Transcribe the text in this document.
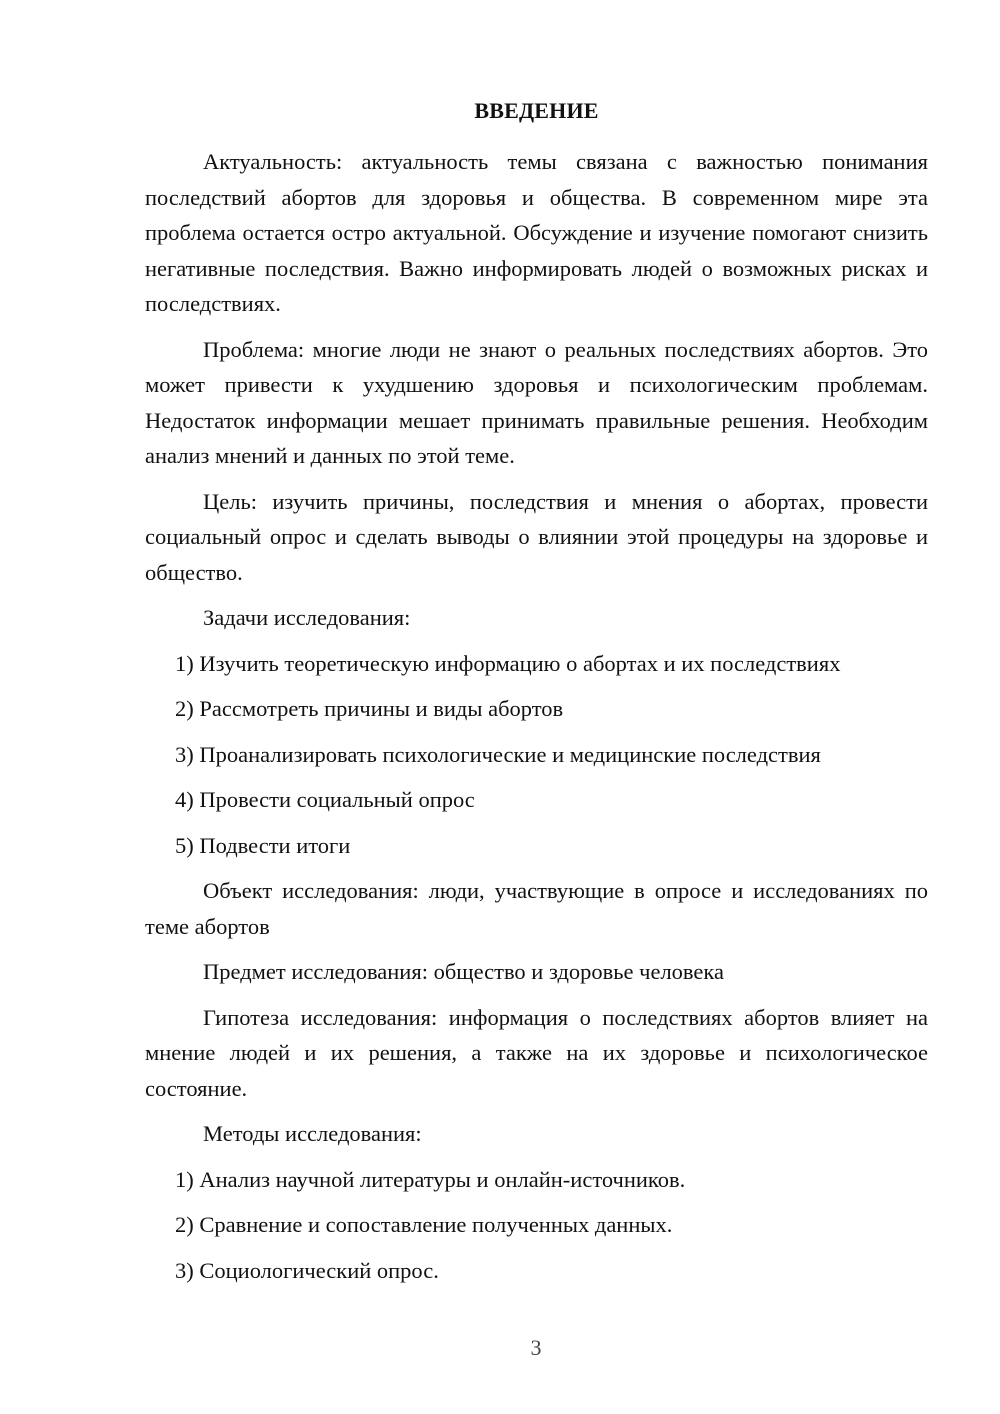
ВВЕДЕНИЕ
Актуальность: актуальность темы связана с важностью понимания последствий абортов для здоровья и общества. В современном мире эта проблема остается остро актуальной. Обсуждение и изучение помогают снизить негативные последствия. Важно информировать людей о возможных рисках и последствиях.
Проблема: многие люди не знают о реальных последствиях абортов. Это может привести к ухудшению здоровья и психологическим проблемам. Недостаток информации мешает принимать правильные решения. Необходим анализ мнений и данных по этой теме.
Цель: изучить причины, последствия и мнения о абортах, провести социальный опрос и сделать выводы о влиянии этой процедуры на здоровье и общество.
Задачи исследования:
1) Изучить теоретическую информацию о абортах и их последствиях
2) Рассмотреть причины и виды абортов
3) Проанализировать психологические и медицинские последствия
4) Провести социальный опрос
5) Подвести итоги
Объект исследования: люди, участвующие в опросе и исследованиях по теме абортов
Предмет исследования: общество и здоровье человека
Гипотеза исследования: информация о последствиях абортов влияет на мнение людей и их решения, а также на их здоровье и психологическое состояние.
Методы исследования:
1) Анализ научной литературы и онлайн-источников.
2) Сравнение и сопоставление полученных данных.
3) Социологический опрос.
3
